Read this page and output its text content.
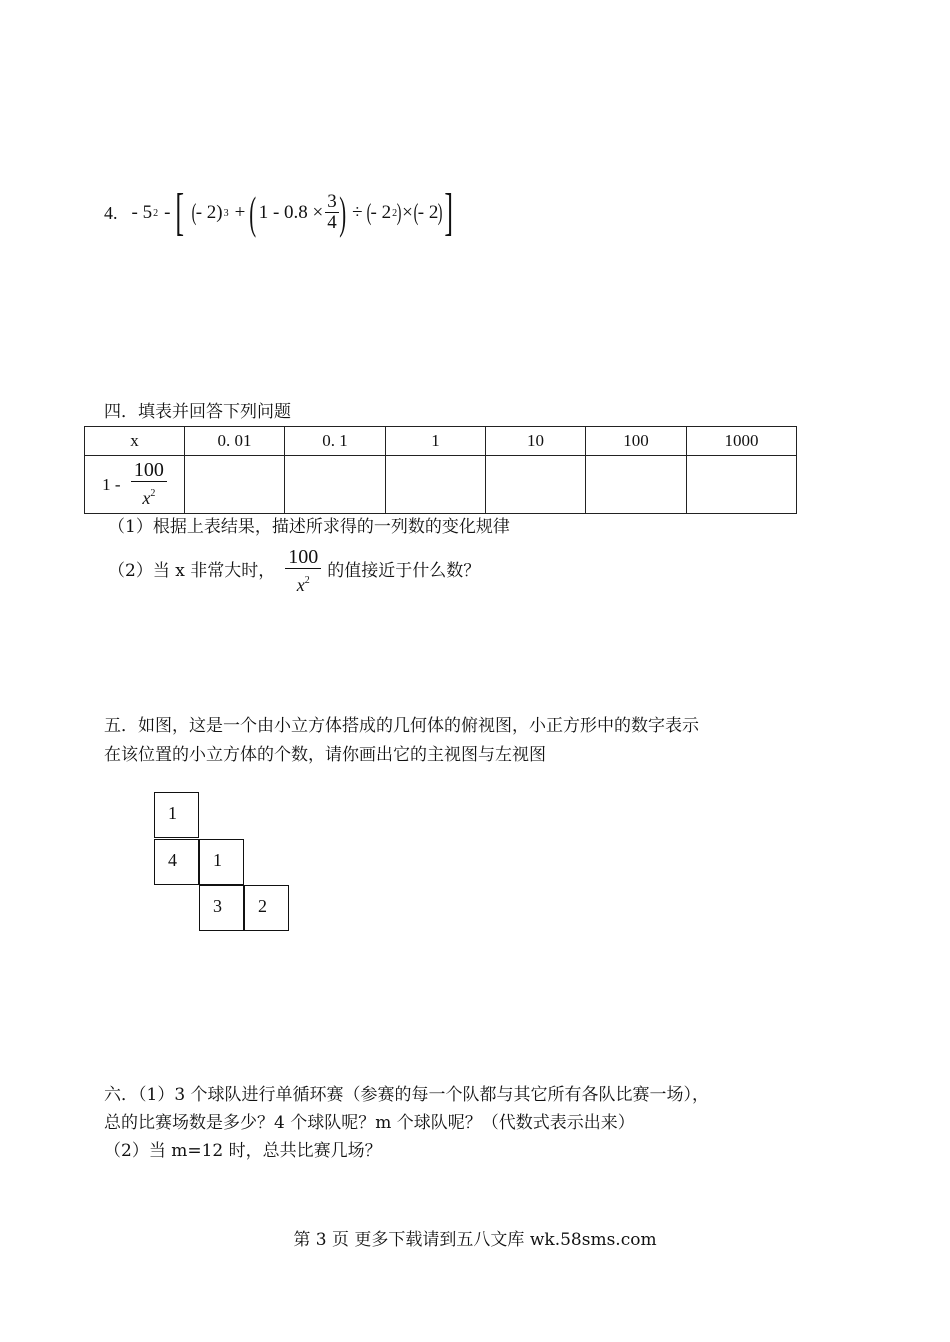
4. - 5 2 - [ ( - 2) 3 + ( $1 - 0.8 \times \frac{3}{4}$ ) ÷ ( - 2 2 ) × ( - 2 ) ]
四．填表并回答下列问题
x	0. 01	0. 1	1	10	100	1000
$1 - \frac{100}{x^2}$

（1）根据上表结果，描述所求得的一列数的变化规律
（2）当 x 非常大时， $\frac{100}{x^2}$ 的值接近于什么数？
五．如图，这是一个由小立方体搭成的几何体的俯视图，小正方形中的数字表示
在该位置的小立方体的个数，请你画出它的主视图与左视图
1
4 1
3 2
六．（1）3 个球队进行单循环赛（参赛的每一个队都与其它所有各队比赛一场），
总的比赛场数是多少？4 个球队呢？m 个球队呢？（代数式表示出来）
（2）当 m=12 时，总共比赛几场？
第 3 页 更多下载请到五八文库 wk.58sms.com
